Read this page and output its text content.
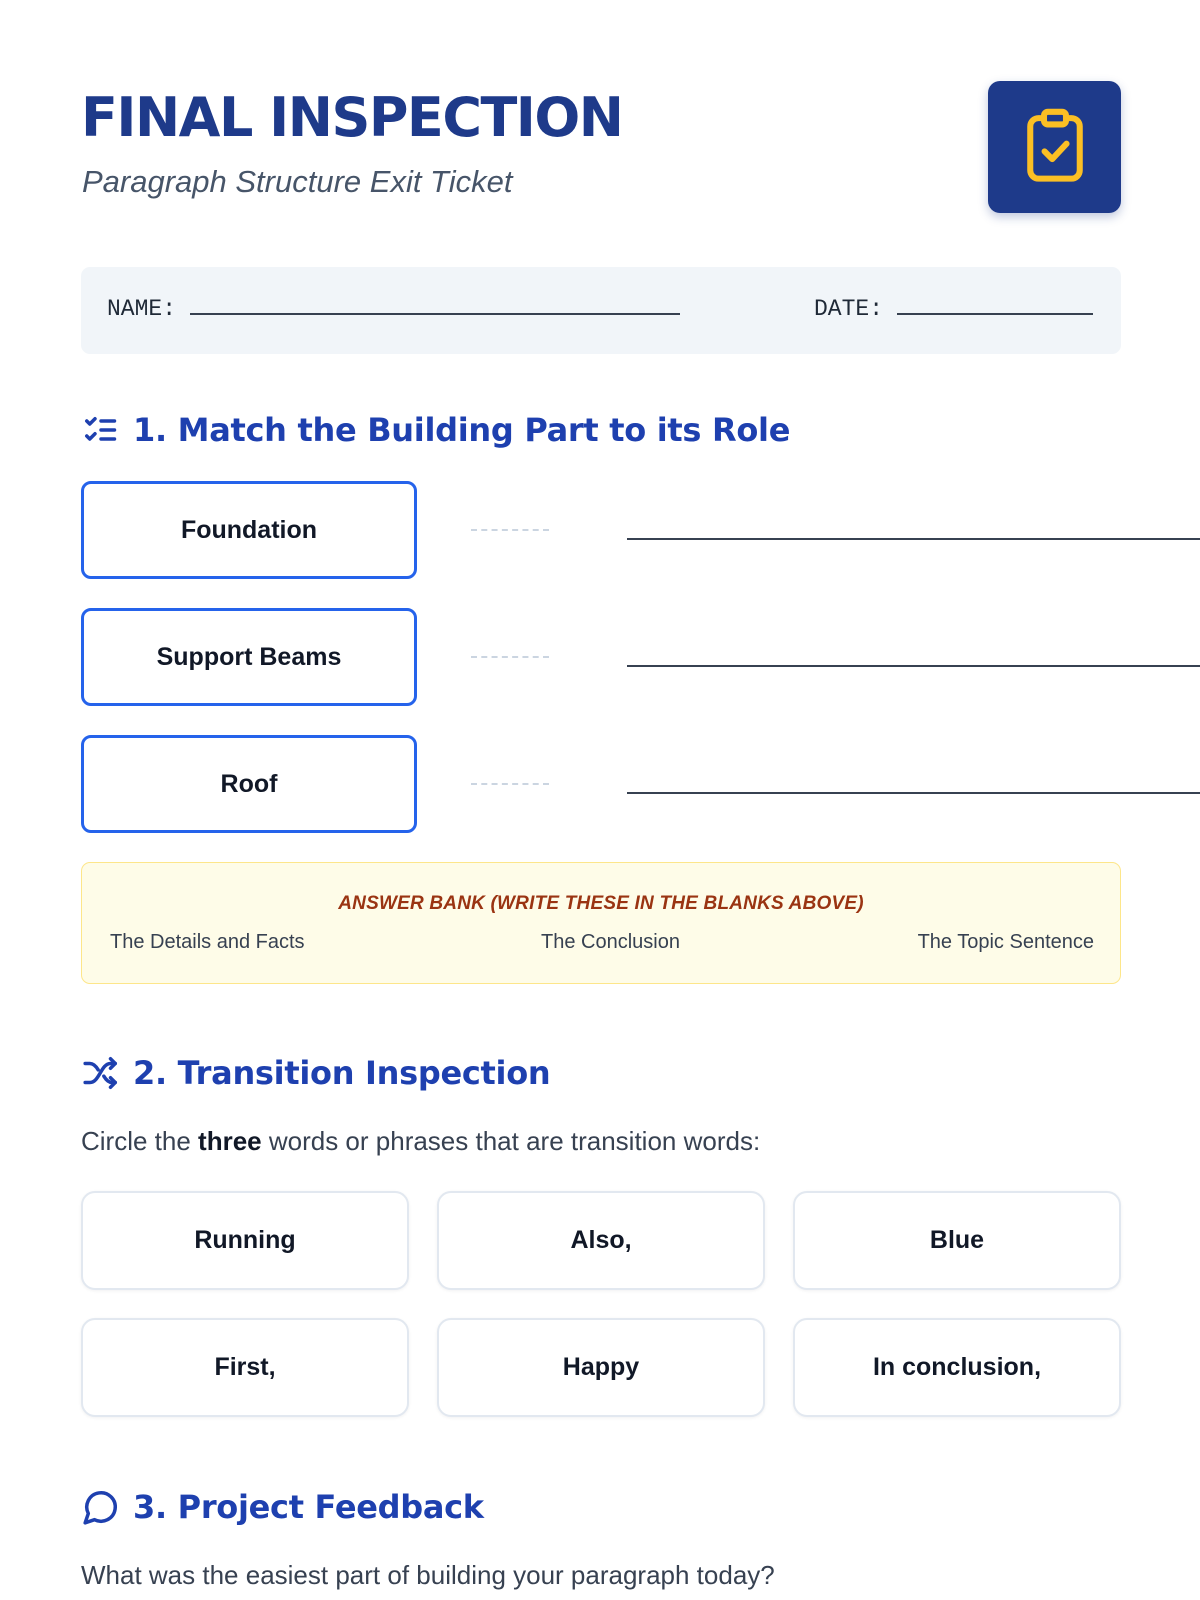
FINAL INSPECTION
Paragraph Structure Exit Ticket
NAME:	DATE:
1. Match the Building Part to its Role
Foundation
Support Beams
Roof
ANSWER BANK (WRITE THESE IN THE BLANKS ABOVE)
The Details and Facts	The Conclusion	The Topic Sentence
2. Transition Inspection
Circle the three words or phrases that are transition words:
Running	Also,	Blue
First,	Happy	In conclusion,
3. Project Feedback
What was the easiest part of building your paragraph today?
